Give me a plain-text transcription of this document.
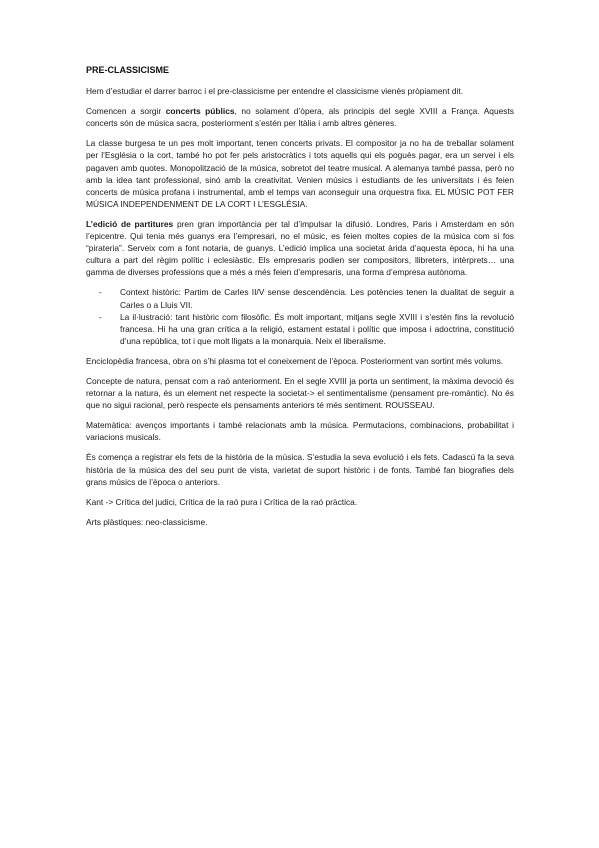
PRE-CLASSICISME

Hem d’estudiar el darrer barroc i el pre-classicisme per entendre el classicisme vienès pròpiament dit.

Comencen a sorgir concerts públics, no solament d’òpera, als principis del segle XVIII a França. Aquests concerts són de música sacra, posteriorment s’estén per Itàlia i amb altres gèneres.

La classe burgesa te un pes molt important, tenen concerts privats. El compositor ja no ha de treballar solament per l’Església o la cort, també ho pot fer pels aristocràtics i tots aquells qui els poguès pagar, era un servei i els pagaven amb quotes. Monopolització de la música, sobretot del teatre musical. A alemanya també passa, però no amb la idea tant professional, sinó amb la creativitat. Venien músics i estudiants de les universitats i és feien concerts de música profana i instrumental, amb el temps van aconseguir una orquestra fixa. EL MÚSIC POT FER MÚSICA INDEPENDENMENT DE LA CORT I L’ESGLÉSIA.

L’edició de partitures pren gran importància per tal d’impulsar la difusió. Londres, Paris i Amsterdam en són l’epicentre. Qui tenia més guanys era l’empresari, no el músic, es feien moltes copies de la música com si fos “pirateria”. Serveix com a font notaria, de guanys. L’edició implica una societat àrida d’aquesta època, hi ha una cultura a part del règim polític i eclesiàstic. Els empresaris podien ser compositors, llibreters, intèrprets… una gamma de diverses professions que a més a més feien d’empresaris, una forma d’empresa autònoma.

- Context històric: Partim de Carles II/V sense descendència. Les potències tenen la dualitat de seguir a Carles o a Lluis VII.
- La il·lustració: tant històric com filosòfic. És molt important, mitjans segle XVIII i s’estén fins la revolució francesa. Hi ha una gran crítica a la religió, estament estatal i polític que imposa i adoctrina, constitució d’una república, tot i que molt lligats a la monarquia. Neix el liberalisme.

Enciclopèdia francesa, obra on s’hi plasma tot el coneixement de l’època. Posteriorment van sortint més volums.

Concepte de natura, pensat com a raó anteriorment. En el segle XVIII ja porta un sentiment, la màxima devoció és retornar a la natura, és un element net respecte la societat-> el sentimentalisme (pensament pre-romàntic). No és que no sigui racional, però respecte els pensaments anteriors té més sentiment. ROUSSEAU.

Matemàtica: avenços importants i també relacionats amb la música. Permutacions, combinacions, probabilitat i variacions musicals.

És comença a registrar els fets de la història de la música. S’estudia la seva evolució i els fets. Cadascú fa la seva història de la música des del seu punt de vista, varietat de suport històric i de fonts. També fan biografies dels grans músics de l’època o anteriors.

Kant -> Crítica del judici, Crítica de la raó pura i Crítica de la raó pràctica.

Arts plàstiques: neo-classicisme.
